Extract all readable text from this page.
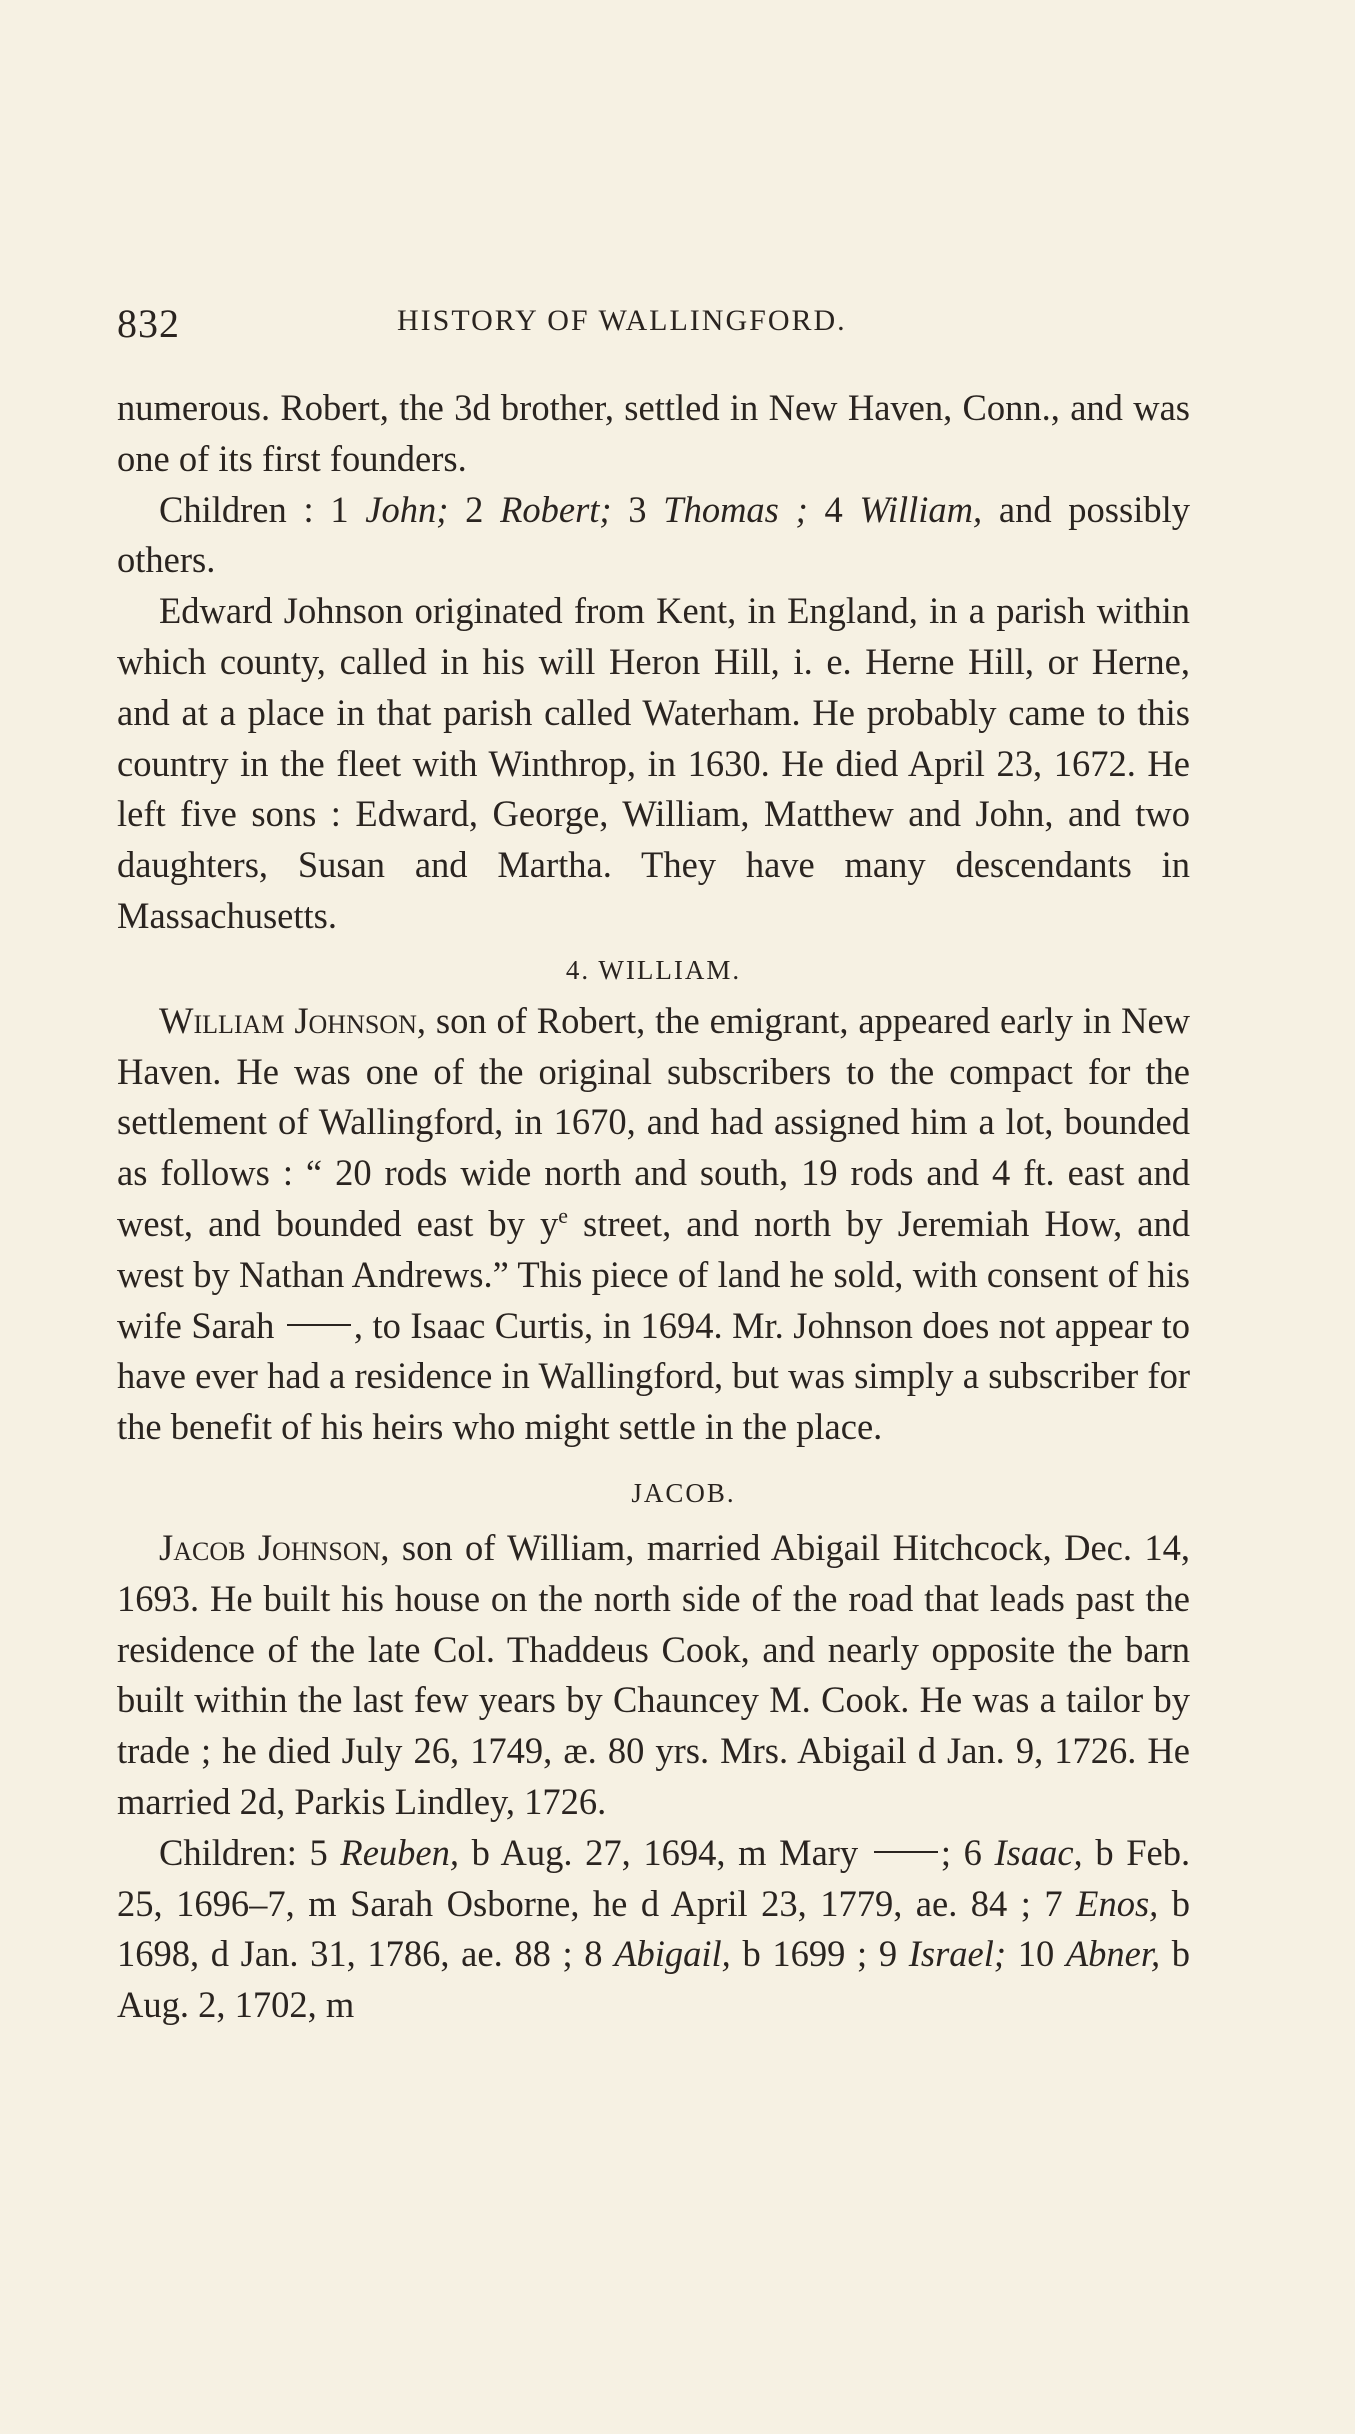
832	HISTORY OF WALLINGFORD.

numerous. Robert, the 3d brother, settled in New Haven, Conn., and was one of its first founders.

Children : 1 John; 2 Robert; 3 Thomas ; 4 William, and possibly others.

Edward Johnson originated from Kent, in England, in a parish within which county, called in his will Heron Hill, i. e. Herne Hill, or Herne, and at a place in that parish called Waterham. He probably came to this country in the fleet with Winthrop, in 1630. He died April 23, 1672. He left five sons : Edward, George, William, Matthew and John, and two daughters, Susan and Martha. They have many descendants in Massachusetts.

4. WILLIAM.

William Johnson, son of Robert, the emigrant, appeared early in New Haven. He was one of the original subscribers to the compact for the settlement of Wallingford, in 1670, and had assigned him a lot, bounded as follows : “ 20 rods wide north and south, 19 rods and 4 ft. east and west, and bounded east by $y^e$ street, and north by Jeremiah How, and west by Nathan Andrews.” This piece of land he sold, with consent of his wife Sarah , to Isaac Curtis, in 1694. Mr. Johnson does not appear to have ever had a residence in Wallingford, but was simply a subscriber for the benefit of his heirs who might settle in the place.

JACOB.

Jacob Johnson, son of William, married Abigail Hitchcock, Dec. 14, 1693. He built his house on the north side of the road that leads past the residence of the late Col. Thaddeus Cook, and nearly opposite the barn built within the last few years by Chauncey M. Cook. He was a tailor by trade ; he died July 26, 1749, æ. 80 yrs. Mrs. Abigail d Jan. 9, 1726. He married 2d, Parkis Lindley, 1726.

Children: 5 Reuben, b Aug. 27, 1694, m Mary ; 6 Isaac, b Feb. 25, 1696–7, m Sarah Osborne, he d April 23, 1779, ae. 84 ; 7 Enos, b 1698, d Jan. 31, 1786, ae. 88 ; 8 Abigail, b 1699 ; 9 Israel; 10 Abner, b Aug. 2, 1702, m
